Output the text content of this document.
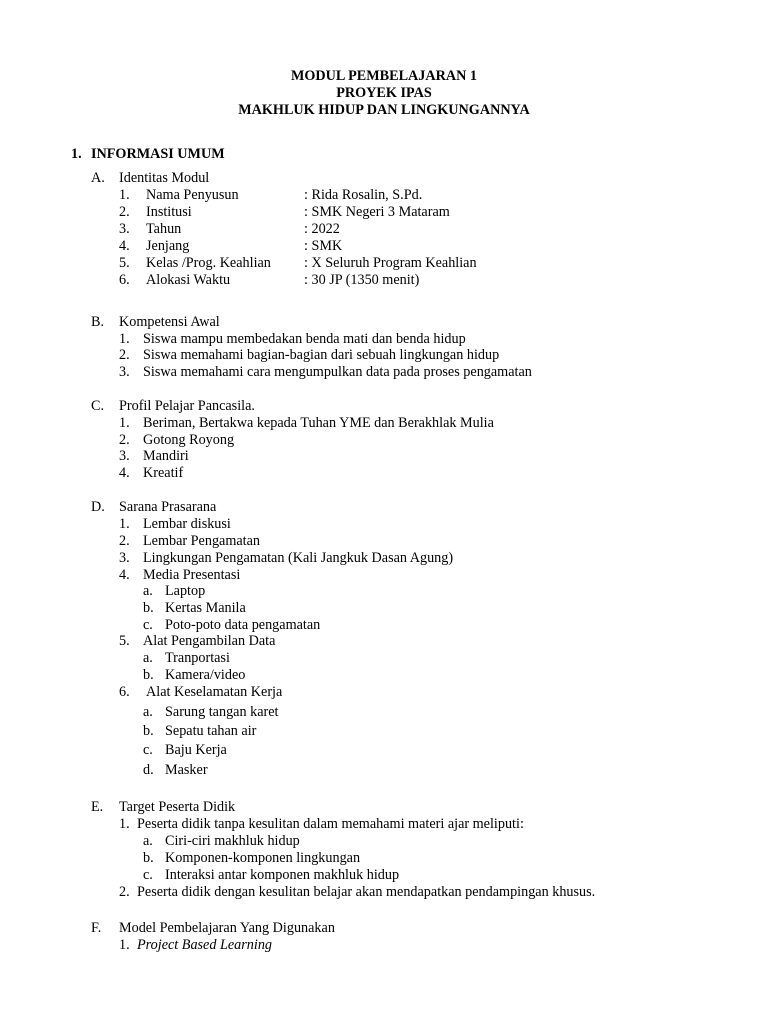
MODUL PEMBELAJARAN 1
PROYEK IPAS
MAKHLUK HIDUP DAN LINGKUNGANNYA
1. INFORMASI UMUM
A. Identitas Modul
1. Nama Penyusun	: Rida Rosalin, S.Pd.
2. Institusi	: SMK Negeri 3 Mataram
3. Tahun	: 2022
4. Jenjang	: SMK
5. Kelas /Prog. Keahlian : X Seluruh Program Keahlian
6. Alokasi Waktu	: 30 JP (1350 menit)
B. Kompetensi Awal
1. Siswa mampu membedakan benda mati dan benda hidup
2. Siswa memahami bagian-bagian dari sebuah lingkungan hidup
3. Siswa memahami cara mengumpulkan data pada proses pengamatan
C. Profil Pelajar Pancasila.
1. Beriman, Bertakwa kepada Tuhan YME dan Berakhlak Mulia
2. Gotong Royong
3. Mandiri
4. Kreatif
D. Sarana Prasarana
1. Lembar diskusi
2. Lembar Pengamatan
3. Lingkungan Pengamatan (Kali Jangkuk Dasan Agung)
4. Media Presentasi
a. Laptop
b. Kertas Manila
c. Poto-poto data pengamatan
5. Alat Pengambilan Data
a. Tranportasi
b. Kamera/video
6. Alat Keselamatan Kerja
a. Sarung tangan karet
b. Sepatu tahan air
c. Baju Kerja
d. Masker
E. Target Peserta Didik
1. Peserta didik tanpa kesulitan dalam memahami materi ajar meliputi:
a. Ciri-ciri makhluk hidup
b. Komponen-komponen lingkungan
c. Interaksi antar komponen makhluk hidup
2. Peserta didik dengan kesulitan belajar akan mendapatkan pendampingan khusus.
F. Model Pembelajaran Yang Digunakan
1. Project Based Learning
